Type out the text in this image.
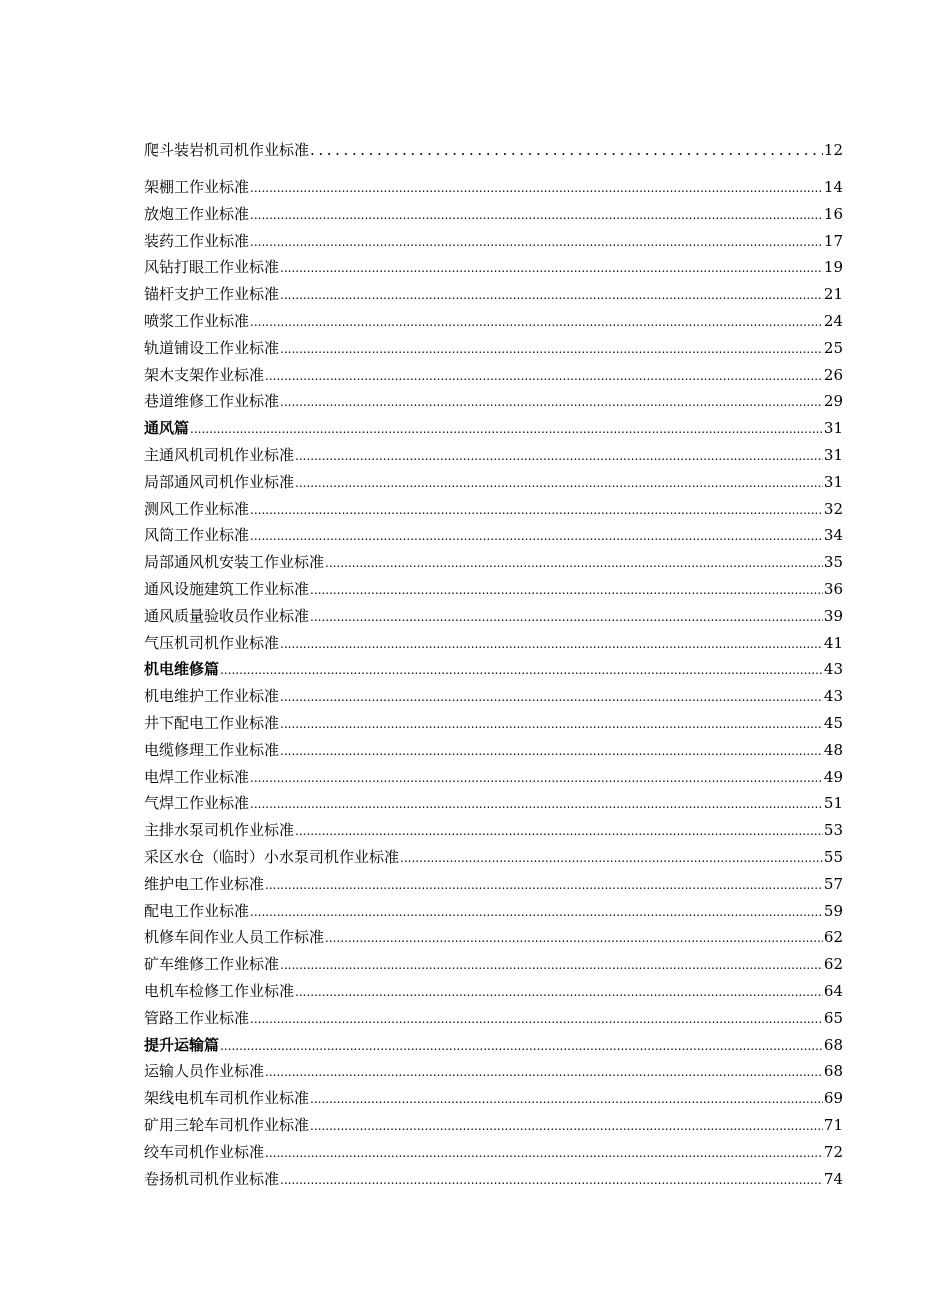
爬斗装岩机司机作业标准 .....	12
架棚工作业标准 .....	14
放炮工作业标准 .....	16
装药工作业标准 .....	17
风钻打眼工作业标准 .....	19
锚杆支护工作业标准 .....	21
喷浆工作业标准 .....	24
轨道铺设工作业标准 .....	25
架木支架作业标准 .....	26
巷道维修工作业标准 .....	29
通风篇 .....	31
主通风机司机作业标准 .....	31
局部通风司机作业标准 .....	31
测风工作业标准 .....	32
风筒工作业标准 .....	34
局部通风机安装工作业标准 .....	35
通风设施建筑工作业标准 .....	36
通风质量验收员作业标准 .....	39
气压机司机作业标准 .....	41
机电维修篇 .....	43
机电维护工作业标准 .....	43
井下配电工作业标准 .....	45
电缆修理工作业标准 .....	48
电焊工作业标准 .....	49
气焊工作业标准 .....	51
主排水泵司机作业标准 .....	53
采区水仓（临时）小水泵司机作业标准 .....	55
维护电工作业标准 .....	57
配电工作业标准 .....	59
机修车间作业人员工作标准 .....	62
矿车维修工作业标准 .....	62
电机车检修工作业标准 .....	64
管路工作业标准 .....	65
提升运输篇 .....	68
运输人员作业标准 .....	68
架线电机车司机作业标准 .....	69
矿用三轮车司机作业标准 .....	71
绞车司机作业标准 .....	72
卷扬机司机作业标准 .....	74
